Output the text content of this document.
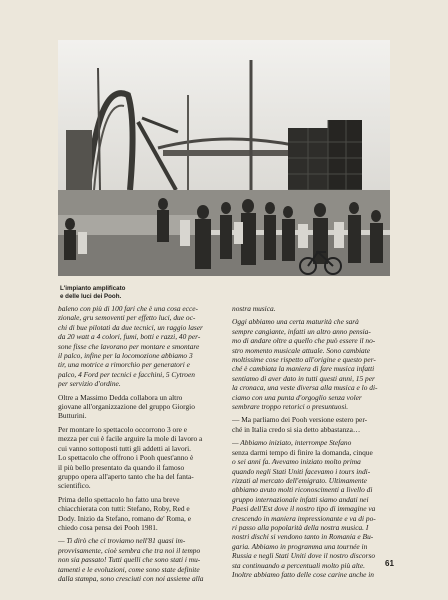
L'impianto amplificato
e delle luci dei Pooh.

baleno con più di 100 fari che è una cosa ecce-
zionale, gru semoventi per effetto luci, due oc-
chi di bue pilotati da due tecnici, un raggio laser
da 20 watt a 4 colori, fumi, botti e razzi, 40 per-
sone fisse che lavorano per montare e smontare
il palco, infine per la locomozione abbiamo 3
tir, una motrice a rimorchio per generatori e
palco, 4 Ford per tecnici e facchini, 5 Cytroen
per servizio d'ordine.

Oltre a Massimo Dedda collabora un altro
giovane all'organizzazione del gruppo Giorgio
Butturini.

Per montare lo spettacolo occorrono 3 ore e
mezza per cui è facile arguire la mole di lavoro a
cui vanno sottoposti tutti gli addetti ai lavori.
Lo spettacolo che offrono i Pooh quest'anno è
il più bello presentato da quando il famoso
gruppo opera all'aperto tanto che ha del fanta-
scientifico.

Prima dello spettacolo ho fatto una breve
chiacchierata con tutti: Stefano, Roby, Red e
Dody. Inizio da Stefano, romano de' Roma, e
chiedo cosa pensa dei Pooh 1981.

— Ti dirò che ci troviamo nell'81 quasi im-
provvisamente, cioè sembra che tra noi il tempo
non sia passato! Tutti quelli che sono stati i mu-
tamenti e le evoluzioni, come sono state definite
dalla stampa, sono cresciuti con noi assieme alla

nostra musica.

Oggi abbiamo una certa maturità che sarà
sempre cangiante, infatti un altro anno pensia-
mo di andare oltre a quello che può essere il no-
stro momento musicale attuale. Sono cambiate
moltissime cose rispetto all'origine e questo per-
ché è cambiata la maniera di fare musica infatti
sentiamo di aver dato in tutti questi anni, 15 per
la cronaca, una veste diversa alla musica e lo di-
ciamo con una punta d'orgoglio senza voler
sembrare troppo retorici o presuntuosi.

— Ma parliamo dei Pooh versione estero per-
ché in Italia credo si sia detto abbastanza…

— Abbiamo iniziato, interrompe Stefano
senza darmi tempo di finire la domanda, cinque
o sei anni fa. Avevamo iniziato molto prima
quando negli Stati Uniti facevamo i tours indi-
rizzati al mercato dell'emigrato. Ultimamente
abbiamo avuto molti riconoscimenti a livello di
gruppo internazionale infatti siamo andati nei
Paesi dell'Est dove il nostro tipo di immagine va
crescendo in maniera impressionante e va di po-
ri passo alla popolarità della nostra musica. I
nostri dischi si vendono tanto in Romania e Bu-
garia. Abbiamo in programma una tournée in
Russia e negli Stati Uniti dove il nostro discorso
sta continuando a percentuali molto più alte.
Inoltre abbiamo fatto delle cose carine anche in

61
